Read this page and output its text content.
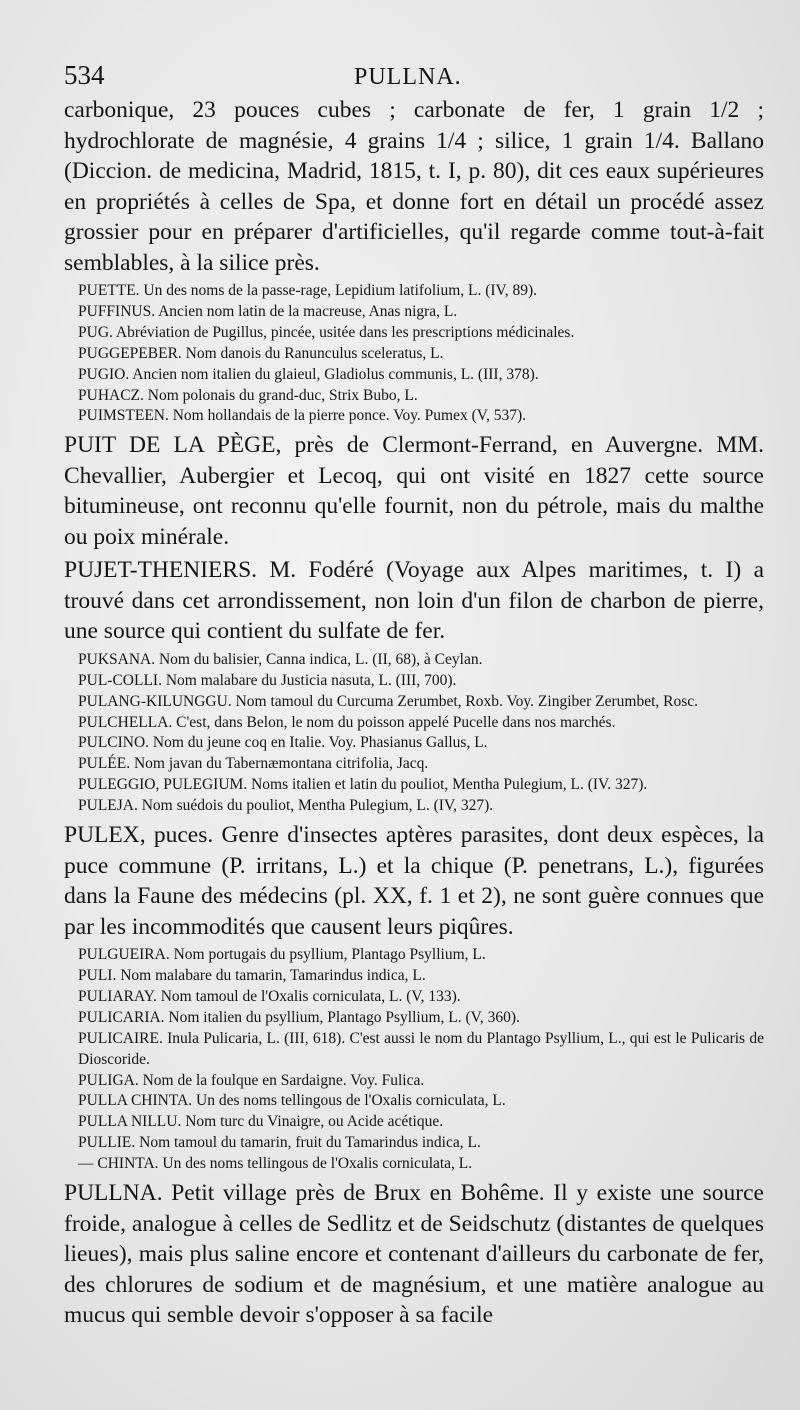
534	PULLNA.

carbonique, 23 pouces cubes ; carbonate de fer, 1 grain 1/2 ; hydrochlorate de magnésie, 4 grains 1/4 ; silice, 1 grain 1/4. Ballano (Diccion. de medicina, Madrid, 1815, t. I, p. 80), dit ces eaux supérieures en propriétés à celles de Spa, et donne fort en détail un procédé assez grossier pour en préparer d'artificielles, qu'il regarde comme tout-à-fait semblables, à la silice près.

PUETTE. Un des noms de la passe-rage, Lepidium latifolium, L. (IV, 89).

PUFFINUS. Ancien nom latin de la macreuse, Anas nigra, L.

PUG. Abréviation de Pugillus, pincée, usitée dans les prescriptions médicinales.

PUGGEPEBER. Nom danois du Ranunculus sceleratus, L.

PUGIO. Ancien nom italien du glaieul, Gladiolus communis, L. (III, 378).

PUHACZ. Nom polonais du grand-duc, Strix Bubo, L.

PUIMSTEEN. Nom hollandais de la pierre ponce. Voy. Pumex (V, 537).

PUIT DE LA PÈGE, près de Clermont-Ferrand, en Auvergne. MM. Chevallier, Aubergier et Lecoq, qui ont visité en 1827 cette source bitumineuse, ont reconnu qu'elle fournit, non du pétrole, mais du malthe ou poix minérale.

PUJET-THENIERS. M. Fodéré (Voyage aux Alpes maritimes, t. I) a trouvé dans cet arrondissement, non loin d'un filon de charbon de pierre, une source qui contient du sulfate de fer.

PUKSANA. Nom du balisier, Canna indica, L. (II, 68), à Ceylan.

PUL-COLLI. Nom malabare du Justicia nasuta, L. (III, 700).

PULANG-KILUNGGU. Nom tamoul du Curcuma Zerumbet, Roxb. Voy. Zingiber Zerumbet, Rosc.

PULCHELLA. C'est, dans Belon, le nom du poisson appelé Pucelle dans nos marchés.

PULCINO. Nom du jeune coq en Italie. Voy. Phasianus Gallus, L.

PULÉE. Nom javan du Tabernæmontana citrifolia, Jacq.

PULEGGIO, PULEGIUM. Noms italien et latin du pouliot, Mentha Pulegium, L. (IV. 327).

PULEJA. Nom suédois du pouliot, Mentha Pulegium, L. (IV, 327).

PULEX, puces. Genre d'insectes aptères parasites, dont deux espèces, la puce commune (P. irritans, L.) et la chique (P. penetrans, L.), figurées dans la Faune des médecins (pl. XX, f. 1 et 2), ne sont guère connues que par les incommodités que causent leurs piqûres.

PULGUEIRA. Nom portugais du psyllium, Plantago Psyllium, L.

PULI. Nom malabare du tamarin, Tamarindus indica, L.

PULIARAY. Nom tamoul de l'Oxalis corniculata, L. (V, 133).

PULICARIA. Nom italien du psyllium, Plantago Psyllium, L. (V, 360).

PULICAIRE. Inula Pulicaria, L. (III, 618). C'est aussi le nom du Plantago Psyllium, L., qui est le Pulicaris de Dioscoride.

PULIGA. Nom de la foulque en Sardaigne. Voy. Fulica.

PULLA CHINTA. Un des noms tellingous de l'Oxalis corniculata, L.

PULLA NILLU. Nom turc du Vinaigre, ou Acide acétique.

PULLIE. Nom tamoul du tamarin, fruit du Tamarindus indica, L.

— CHINTA. Un des noms tellingous de l'Oxalis corniculata, L.

PULLNA. Petit village près de Brux en Bohême. Il y existe une source froide, analogue à celles de Sedlitz et de Seidschutz (distantes de quelques lieues), mais plus saline encore et contenant d'ailleurs du carbonate de fer, des chlorures de sodium et de magnésium, et une matière analogue au mucus qui semble devoir s'opposer à sa facile
